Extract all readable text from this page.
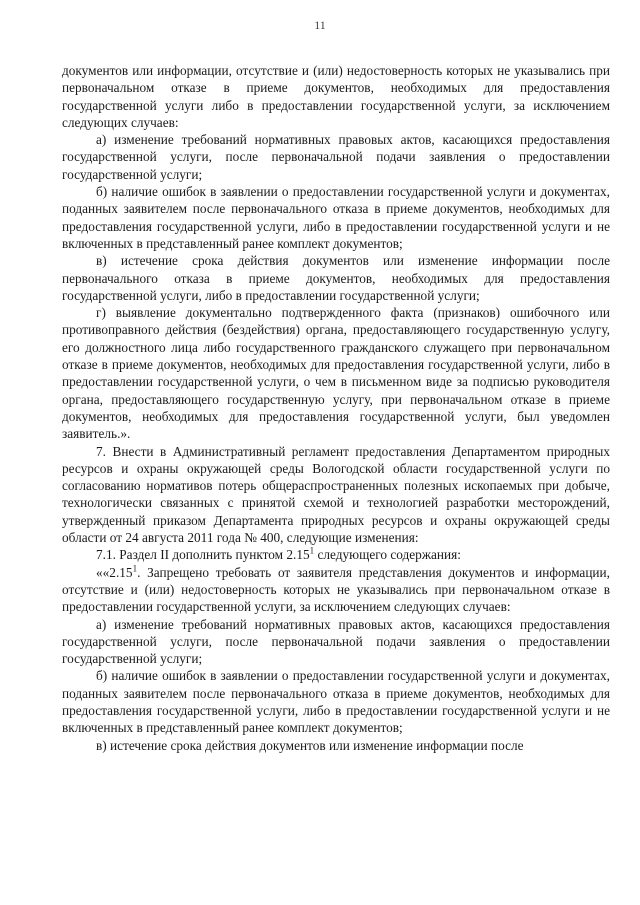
11

документов или информации, отсутствие и (или) недостоверность которых не указывались при первоначальном отказе в приеме документов, необходимых для предоставления государственной услуги либо в предоставлении государственной услуги, за исключением следующих случаев:

а) изменение требований нормативных правовых актов, касающихся предоставления государственной услуги, после первоначальной подачи заявления о предоставлении государственной услуги;

б) наличие ошибок в заявлении о предоставлении государственной услуги и документах, поданных заявителем после первоначального отказа в приеме документов, необходимых для предоставления государственной услуги, либо в предоставлении государственной услуги и не включенных в представленный ранее комплект документов;

в) истечение срока действия документов или изменение информации после первоначального отказа в приеме документов, необходимых для предоставления государственной услуги, либо в предоставлении государственной услуги;

г) выявление документально подтвержденного факта (признаков) ошибочного или противоправного действия (бездействия) органа, предоставляющего государственную услугу, его должностного лица либо государственного гражданского служащего при первоначальном отказе в приеме документов, необходимых для предоставления государственной услуги, либо в предоставлении государственной услуги, о чем в письменном виде за подписью руководителя органа, предоставляющего государственную услугу, при первоначальном отказе в приеме документов, необходимых для предоставления государственной услуги, был уведомлен заявитель.».

7. Внести в Административный регламент предоставления Департаментом природных ресурсов и охраны окружающей среды Вологодской области государственной услуги по согласованию нормативов потерь общераспространенных полезных ископаемых при добыче, технологически связанных с принятой схемой и технологией разработки месторождений, утвержденный приказом Департамента природных ресурсов и охраны окружающей среды области от 24 августа 2011 года № 400, следующие изменения:

7.1. Раздел II дополнить пунктом 2.15$^1$ следующего содержания:

««2.15$^1$. Запрещено требовать от заявителя представления документов и информации, отсутствие и (или) недостоверность которых не указывались при первоначальном отказе в предоставлении государственной услуги, за исключением следующих случаев:

а) изменение требований нормативных правовых актов, касающихся предоставления государственной услуги, после первоначальной подачи заявления о предоставлении государственной услуги;

б) наличие ошибок в заявлении о предоставлении государственной услуги и документах, поданных заявителем после первоначального отказа в приеме документов, необходимых для предоставления государственной услуги, либо в предоставлении государственной услуги и не включенных в представленный ранее комплект документов;

в) истечение срока действия документов или изменение информации после
